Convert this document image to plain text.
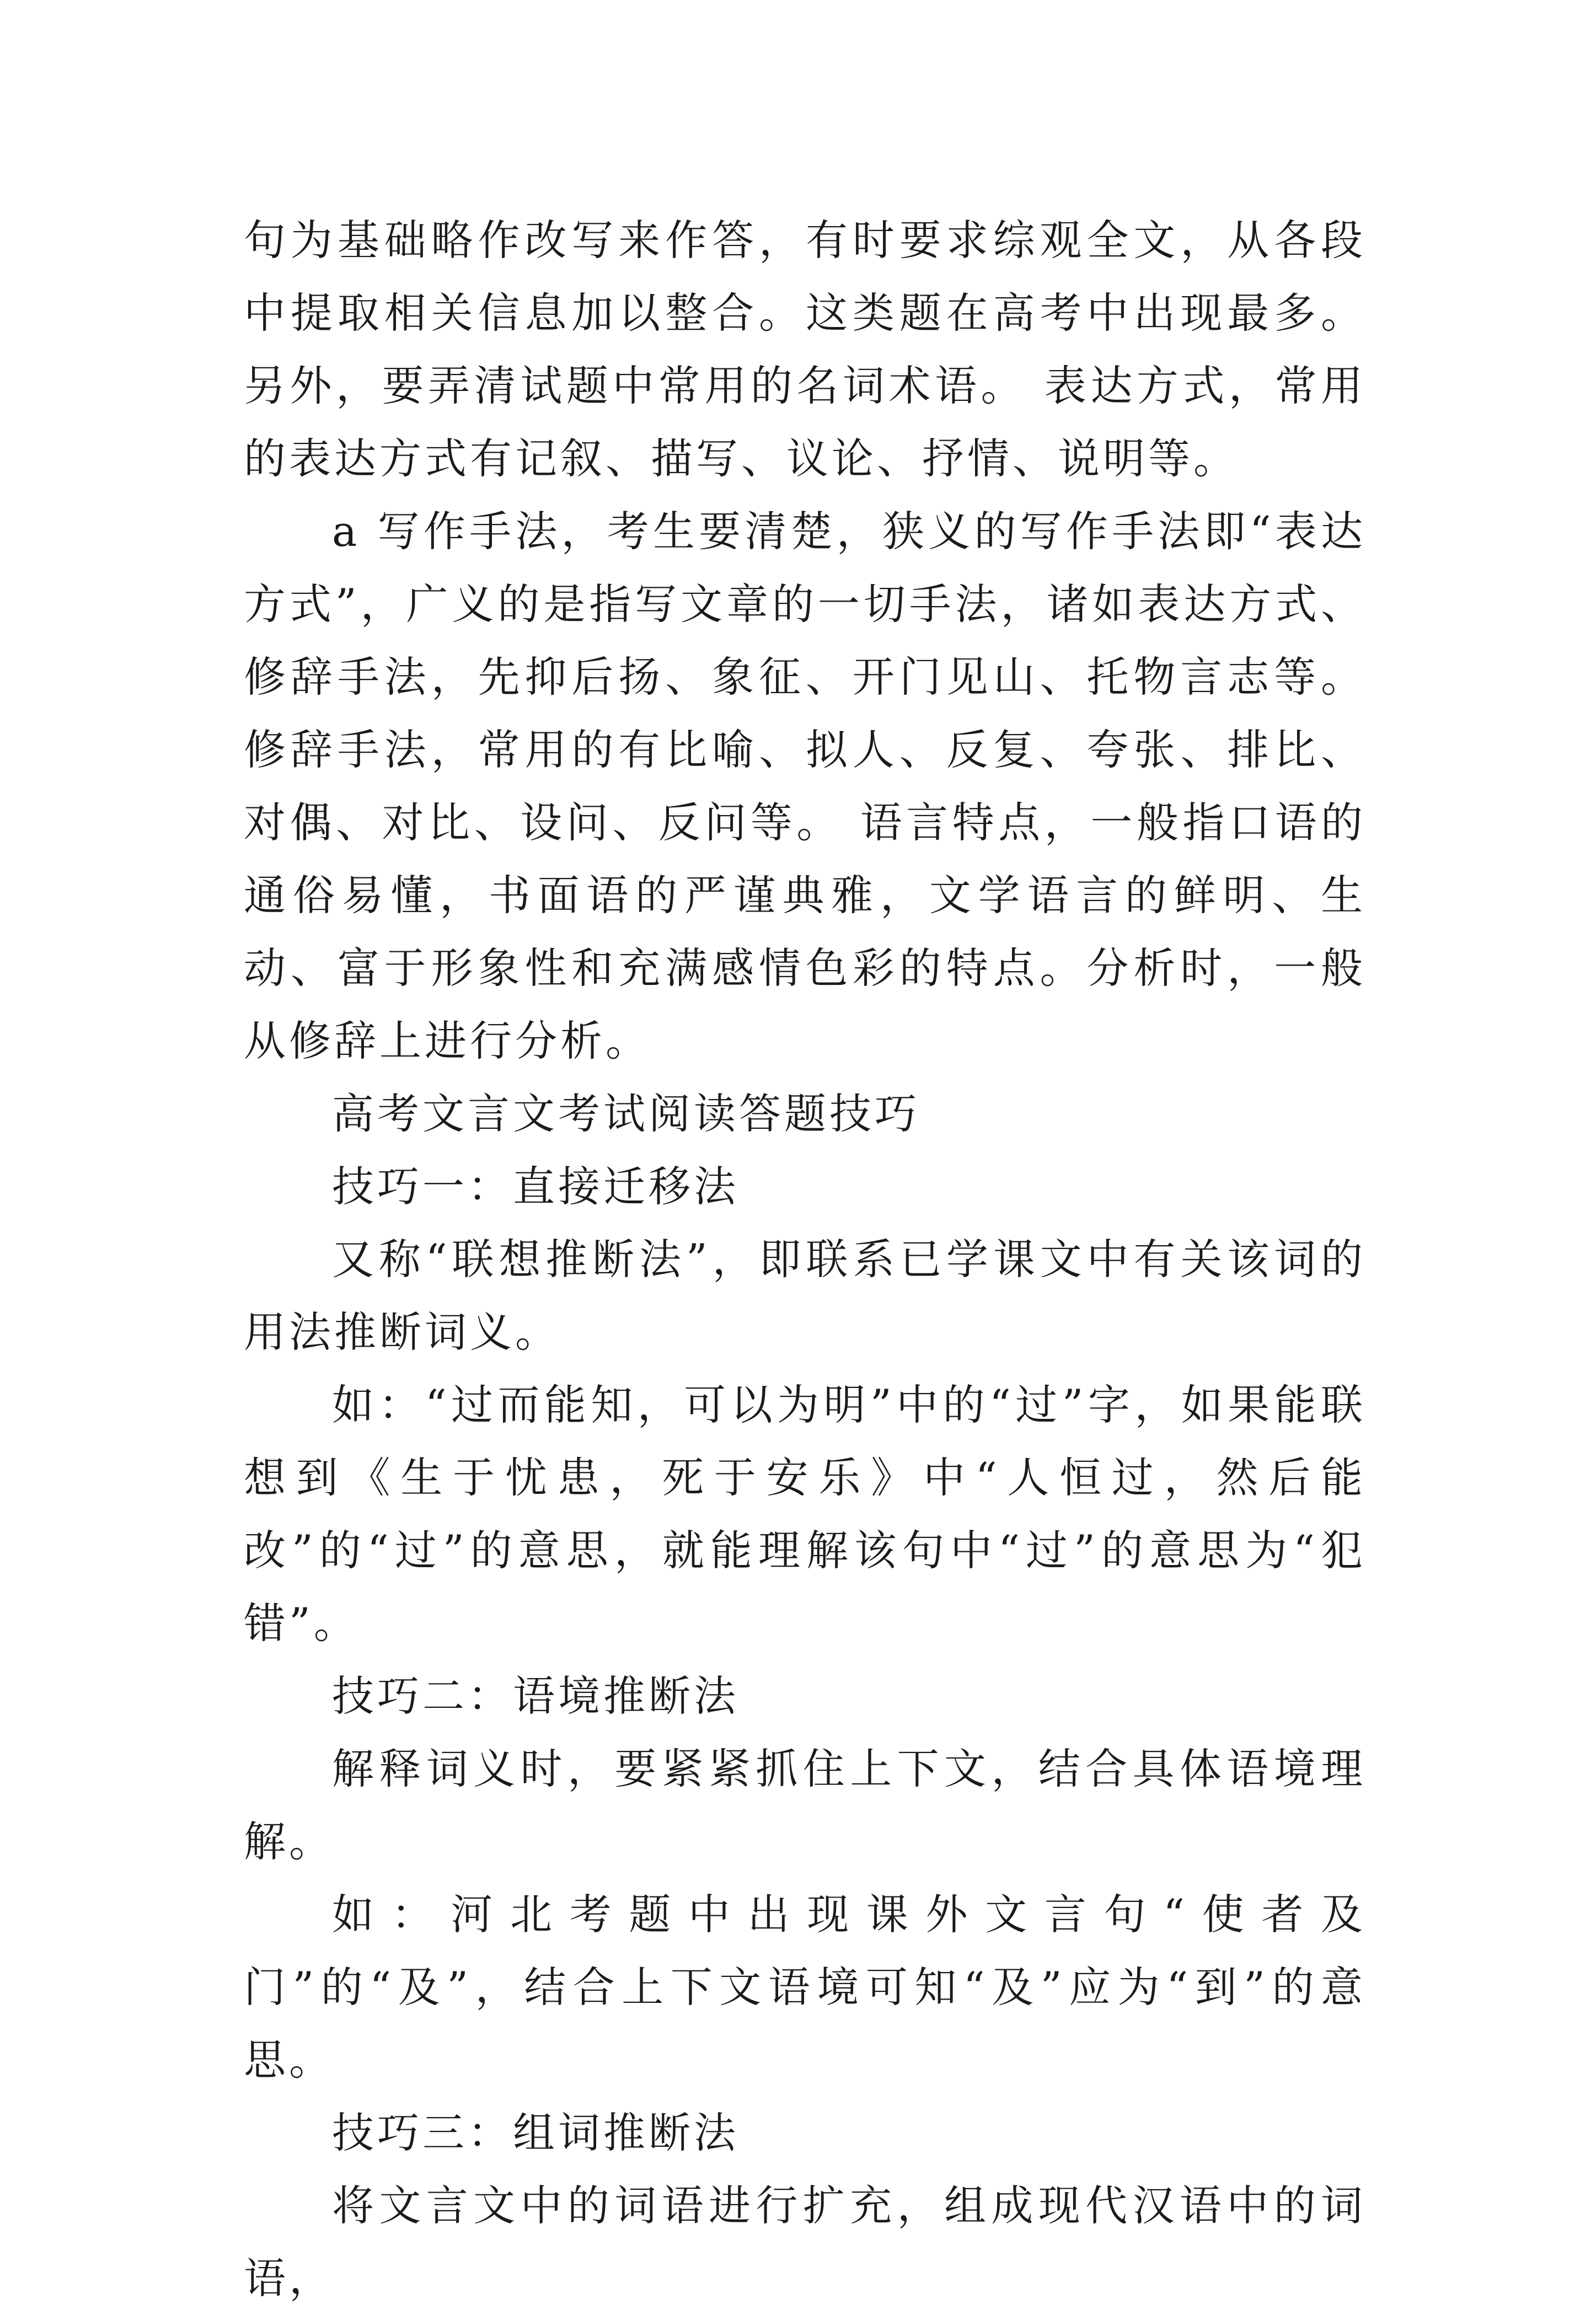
句为基础略作改写来作答，有时要求综观全文，从各段中提取相关信息加以整合。这类题在高考中出现最多。另外，要弄清试题中常用的名词术语。 表达方式，常用的表达方式有记叙、描写、议论、抒情、说明等。

a 写作手法，考生要清楚，狭义的写作手法即“表达方式”，广义的是指写文章的一切手法，诸如表达方式、修辞手法，先抑后扬、象征、开门见山、托物言志等。 修辞手法，常用的有比喻、拟人、反复、夸张、排比、对偶、对比、设问、反问等。 语言特点，一般指口语的通俗易懂，书面语的严谨典雅，文学语言的鲜明、生动、富于形象性和充满感情色彩的特点。分析时，一般从修辞上进行分析。

高考文言文考试阅读答题技巧

技巧一：直接迁移法

又称“联想推断法”，即联系已学课文中有关该词的用法推断词义。

如：“过而能知，可以为明”中的“过”字，如果能联想到《生于忧患，死于安乐》中“人恒过，然后能改”的“过”的意思，就能理解该句中“过”的意思为“犯错”。

技巧二：语境推断法

解释词义时，要紧紧抓住上下文，结合具体语境理解。

如：河北考题中出现课外文言句“使者及门”的“及”，结合上下文语境可知“及”应为“到”的意思。

技巧三：组词推断法

将文言文中的词语进行扩充，组成现代汉语中的词语，
